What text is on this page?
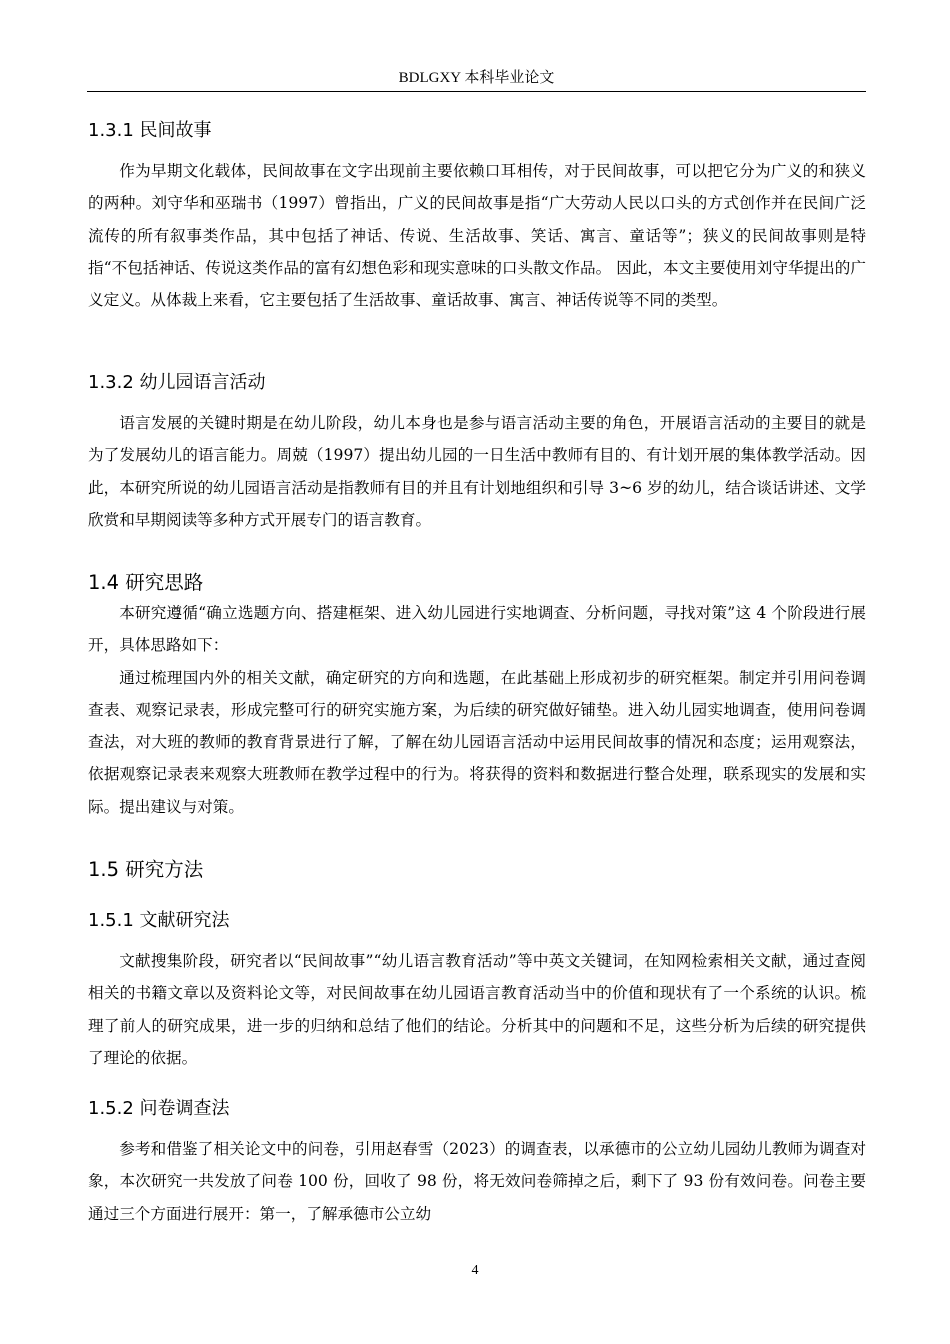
BDLGXY 本科毕业论文
1.3.1 民间故事

作为早期文化载体，民间故事在文字出现前主要依赖口耳相传，对于民间故事，可以把它分为广义的和狭义的两种。刘守华和巫瑞书（1997）曾指出，广义的民间故事是指“广大劳动人民以口头的方式创作并在民间广泛流传的所有叙事类作品，其中包括了神话、传说、生活故事、笑话、寓言、童话等”；狭义的民间故事则是特指“不包括神话、传说这类作品的富有幻想色彩和现实意味的口头散文作品。 因此，本文主要使用刘守华提出的广义定义。从体裁上来看，它主要包括了生活故事、童话故事、寓言、神话传说等不同的类型。

1.3.2 幼儿园语言活动

语言发展的关键时期是在幼儿阶段，幼儿本身也是参与语言活动主要的角色，开展语言活动的主要目的就是为了发展幼儿的语言能力。周兢（1997）提出幼儿园的一日生活中教师有目的、有计划开展的集体教学活动。因此，本研究所说的幼儿园语言活动是指教师有目的并且有计划地组织和引导 3~6 岁的幼儿，结合谈话讲述、文学欣赏和早期阅读等多种方式开展专门的语言教育。

1.4 研究思路

本研究遵循“确立选题方向、搭建框架、进入幼儿园进行实地调查、分析问题，寻找对策”这 4 个阶段进行展开，具体思路如下：

通过梳理国内外的相关文献，确定研究的方向和选题，在此基础上形成初步的研究框架。制定并引用问卷调查表、观察记录表，形成完整可行的研究实施方案，为后续的研究做好铺垫。进入幼儿园实地调查，使用问卷调查法，对大班的教师的教育背景进行了解，了解在幼儿园语言活动中运用民间故事的情况和态度；运用观察法，依据观察记录表来观察大班教师在教学过程中的行为。将获得的资料和数据进行整合处理，联系现实的发展和实际。提出建议与对策。

1.5 研究方法
1.5.1 文献研究法

文献搜集阶段，研究者以“民间故事”“幼儿语言教育活动”等中英文关键词，在知网检索相关文献，通过查阅相关的书籍文章以及资料论文等，对民间故事在幼儿园语言教育活动当中的价值和现状有了一个系统的认识。梳理了前人的研究成果，进一步的归纳和总结了他们的结论。分析其中的问题和不足，这些分析为后续的研究提供了理论的依据。

1.5.2 问卷调查法

参考和借鉴了相关论文中的问卷，引用赵春雪（2023）的调查表，以承德市的公立幼儿园幼儿教师为调查对象，本次研究一共发放了问卷 100 份，回收了 98 份，将无效问卷筛掉之后，剩下了 93 份有效问卷。问卷主要通过三个方面进行展开：第一，了解承德市公立幼

4
